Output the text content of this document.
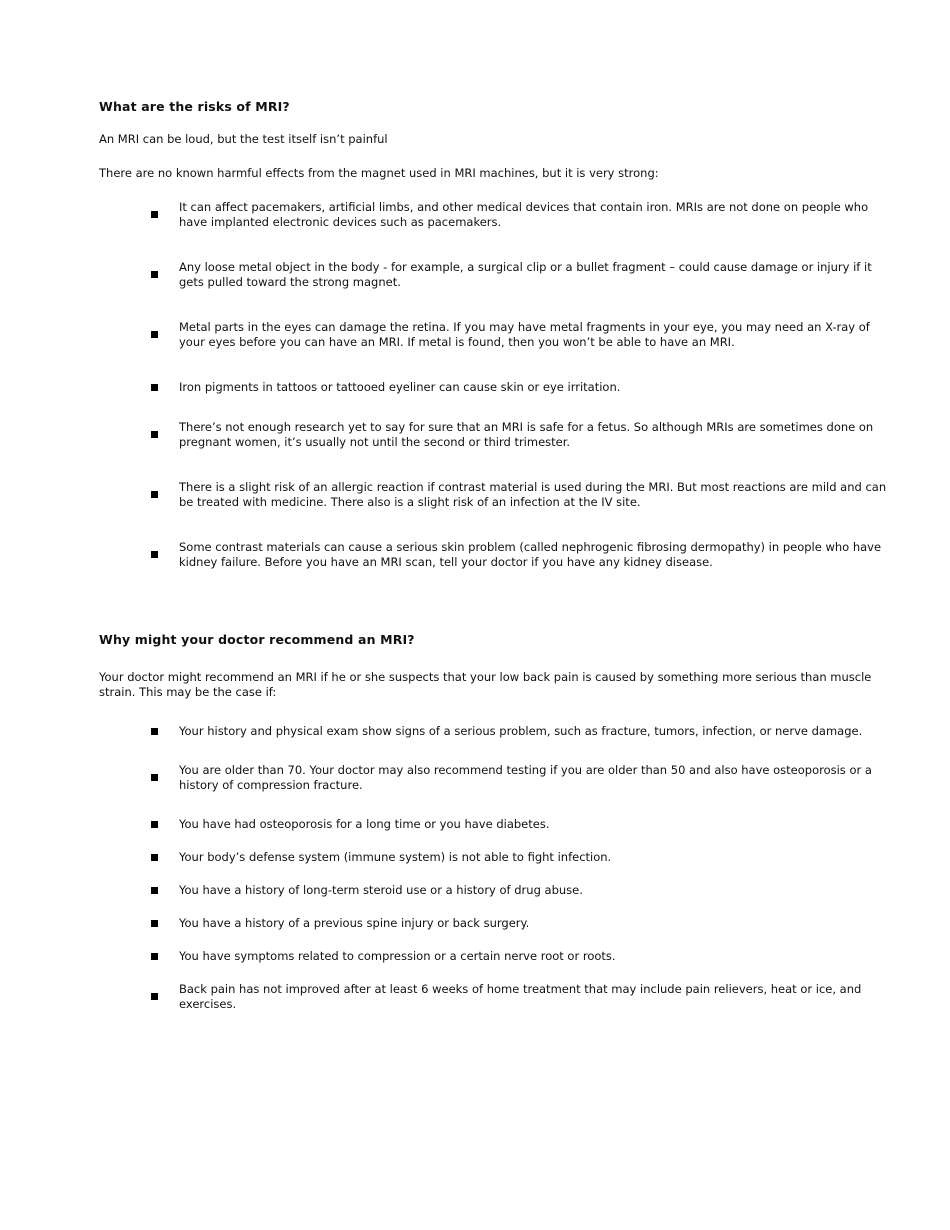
What are the risks of MRI?

An MRI can be loud, but the test itself isn’t painful

There are no known harmful effects from the magnet used in MRI machines, but it is very strong:

It can affect pacemakers, artificial limbs, and other medical devices that contain iron. MRIs are not done on people who have implanted electronic devices such as pacemakers.
Any loose metal object in the body - for example, a surgical clip or a bullet fragment – could cause damage or injury if it gets pulled toward the strong magnet.
Metal parts in the eyes can damage the retina. If you may have metal fragments in your eye, you may need an X-ray of your eyes before you can have an MRI. If metal is found, then you won’t be able to have an MRI.
Iron pigments in tattoos or tattooed eyeliner can cause skin or eye irritation.
There’s not enough research yet to say for sure that an MRI is safe for a fetus. So although MRIs are sometimes done on pregnant women, it’s usually not until the second or third trimester.
There is a slight risk of an allergic reaction if contrast material is used during the MRI. But most reactions are mild and can be treated with medicine. There also is a slight risk of an infection at the IV site.
Some contrast materials can cause a serious skin problem (called nephrogenic fibrosing dermopathy) in people who have kidney failure. Before you have an MRI scan, tell your doctor if you have any kidney disease.
Why might your doctor recommend an MRI?

Your doctor might recommend an MRI if he or she suspects that your low back pain is caused by something more serious than muscle strain. This may be the case if:

Your history and physical exam show signs of a serious problem, such as fracture, tumors, infection, or nerve damage.
You are older than 70. Your doctor may also recommend testing if you are older than 50 and also have osteoporosis or a history of compression fracture.
You have had osteoporosis for a long time or you have diabetes.
Your body’s defense system (immune system) is not able to fight infection.
You have a history of long-term steroid use or a history of drug abuse.
You have a history of a previous spine injury or back surgery.
You have symptoms related to compression or a certain nerve root or roots.
Back pain has not improved after at least 6 weeks of home treatment that may include pain relievers, heat or ice, and exercises.
